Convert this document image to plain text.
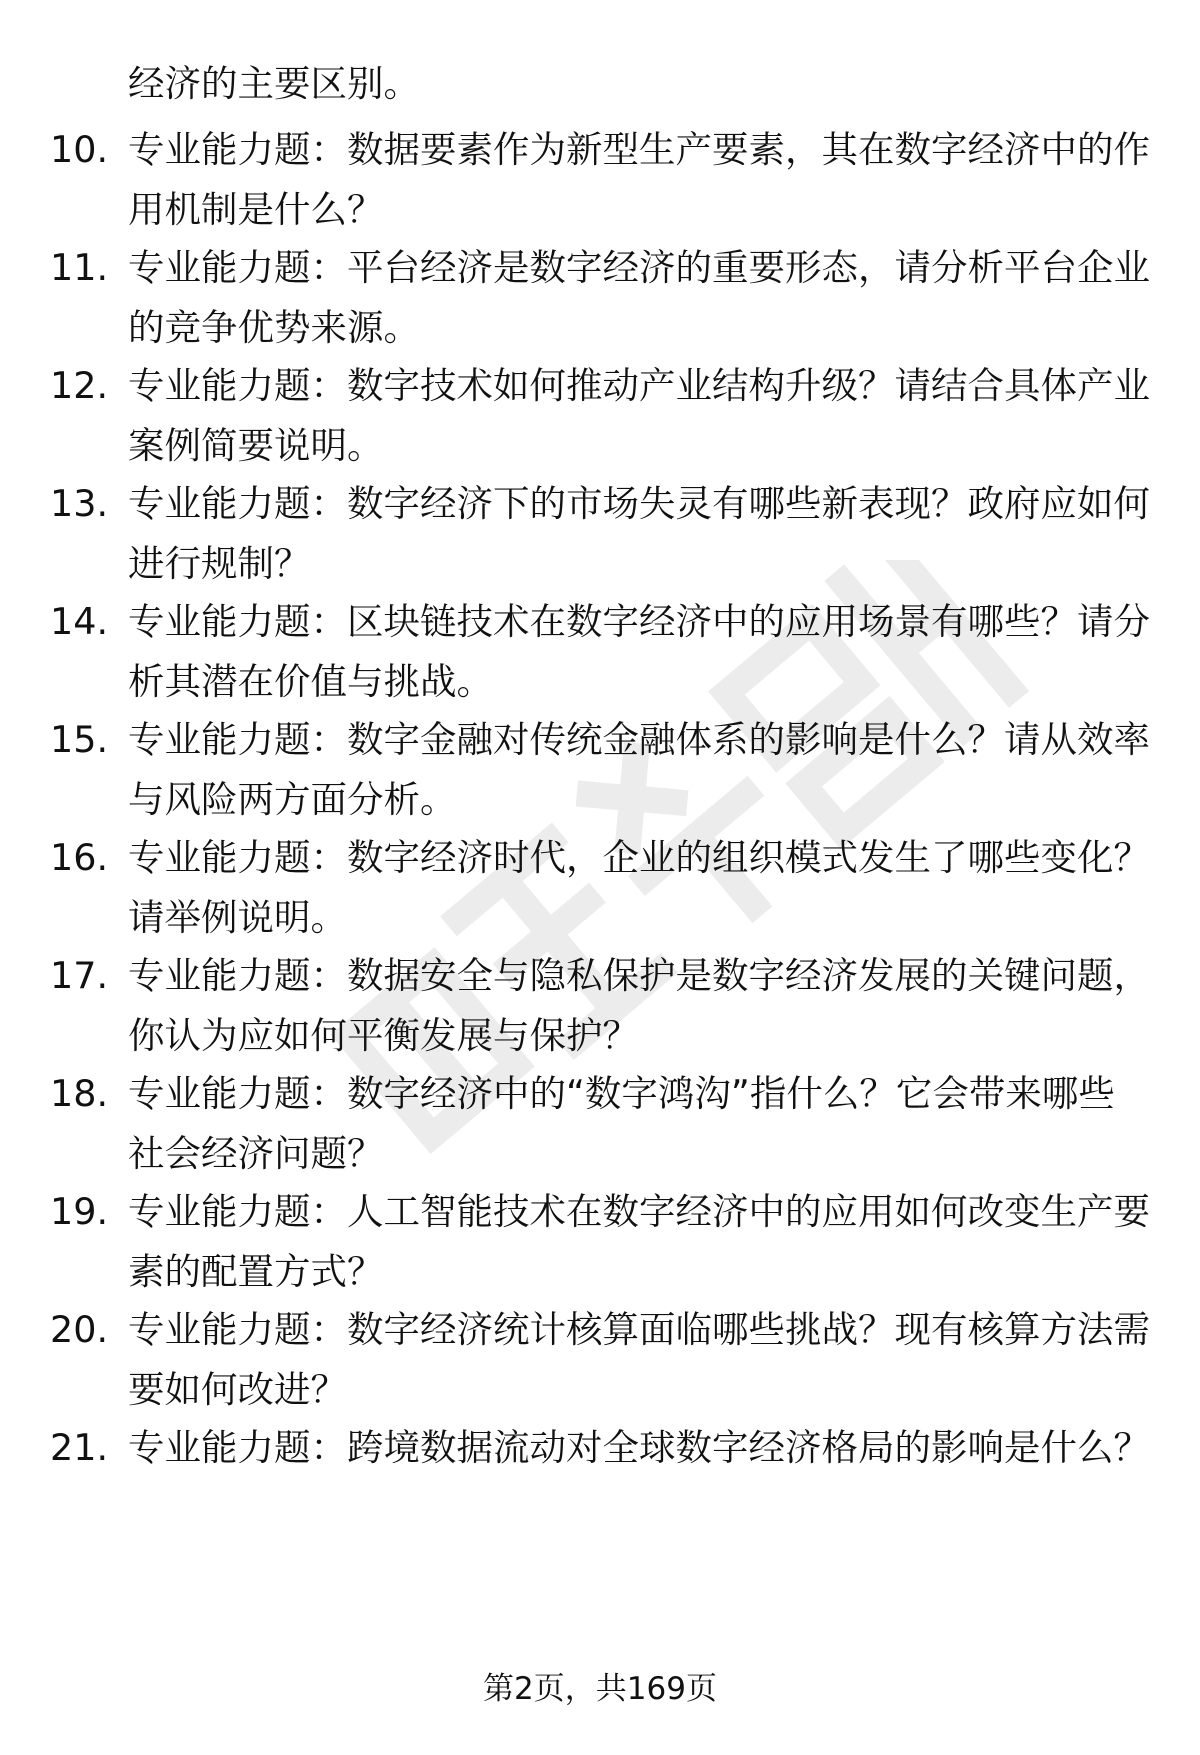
经济的主要区别。

10. 专业能力题：数据要素作为新型生产要素，其在数字经济中的作
用机制是什么？

11. 专业能力题：平台经济是数字经济的重要形态，请分析平台企业
的竞争优势来源。

12. 专业能力题：数字技术如何推动产业结构升级？请结合具体产业
案例简要说明。

13. 专业能力题：数字经济下的市场失灵有哪些新表现？政府应如何
进行规制？

14. 专业能力题：区块链技术在数字经济中的应用场景有哪些？请分
析其潜在价值与挑战。

15. 专业能力题：数字金融对传统金融体系的影响是什么？请从效率
与风险两方面分析。

16. 专业能力题：数字经济时代，企业的组织模式发生了哪些变化？
请举例说明。

17. 专业能力题：数据安全与隐私保护是数字经济发展的关键问题，
你认为应如何平衡发展与保护？

18. 专业能力题：数字经济中的“数字鸿沟”指什么？它会带来哪些
社会经济问题？

19. 专业能力题：人工智能技术在数字经济中的应用如何改变生产要
素的配置方式？

20. 专业能力题：数字经济统计核算面临哪些挑战？现有核算方法需
要如何改进？

21. 专业能力题：跨境数据流动对全球数字经济格局的影响是什么？

第2页，共169页
